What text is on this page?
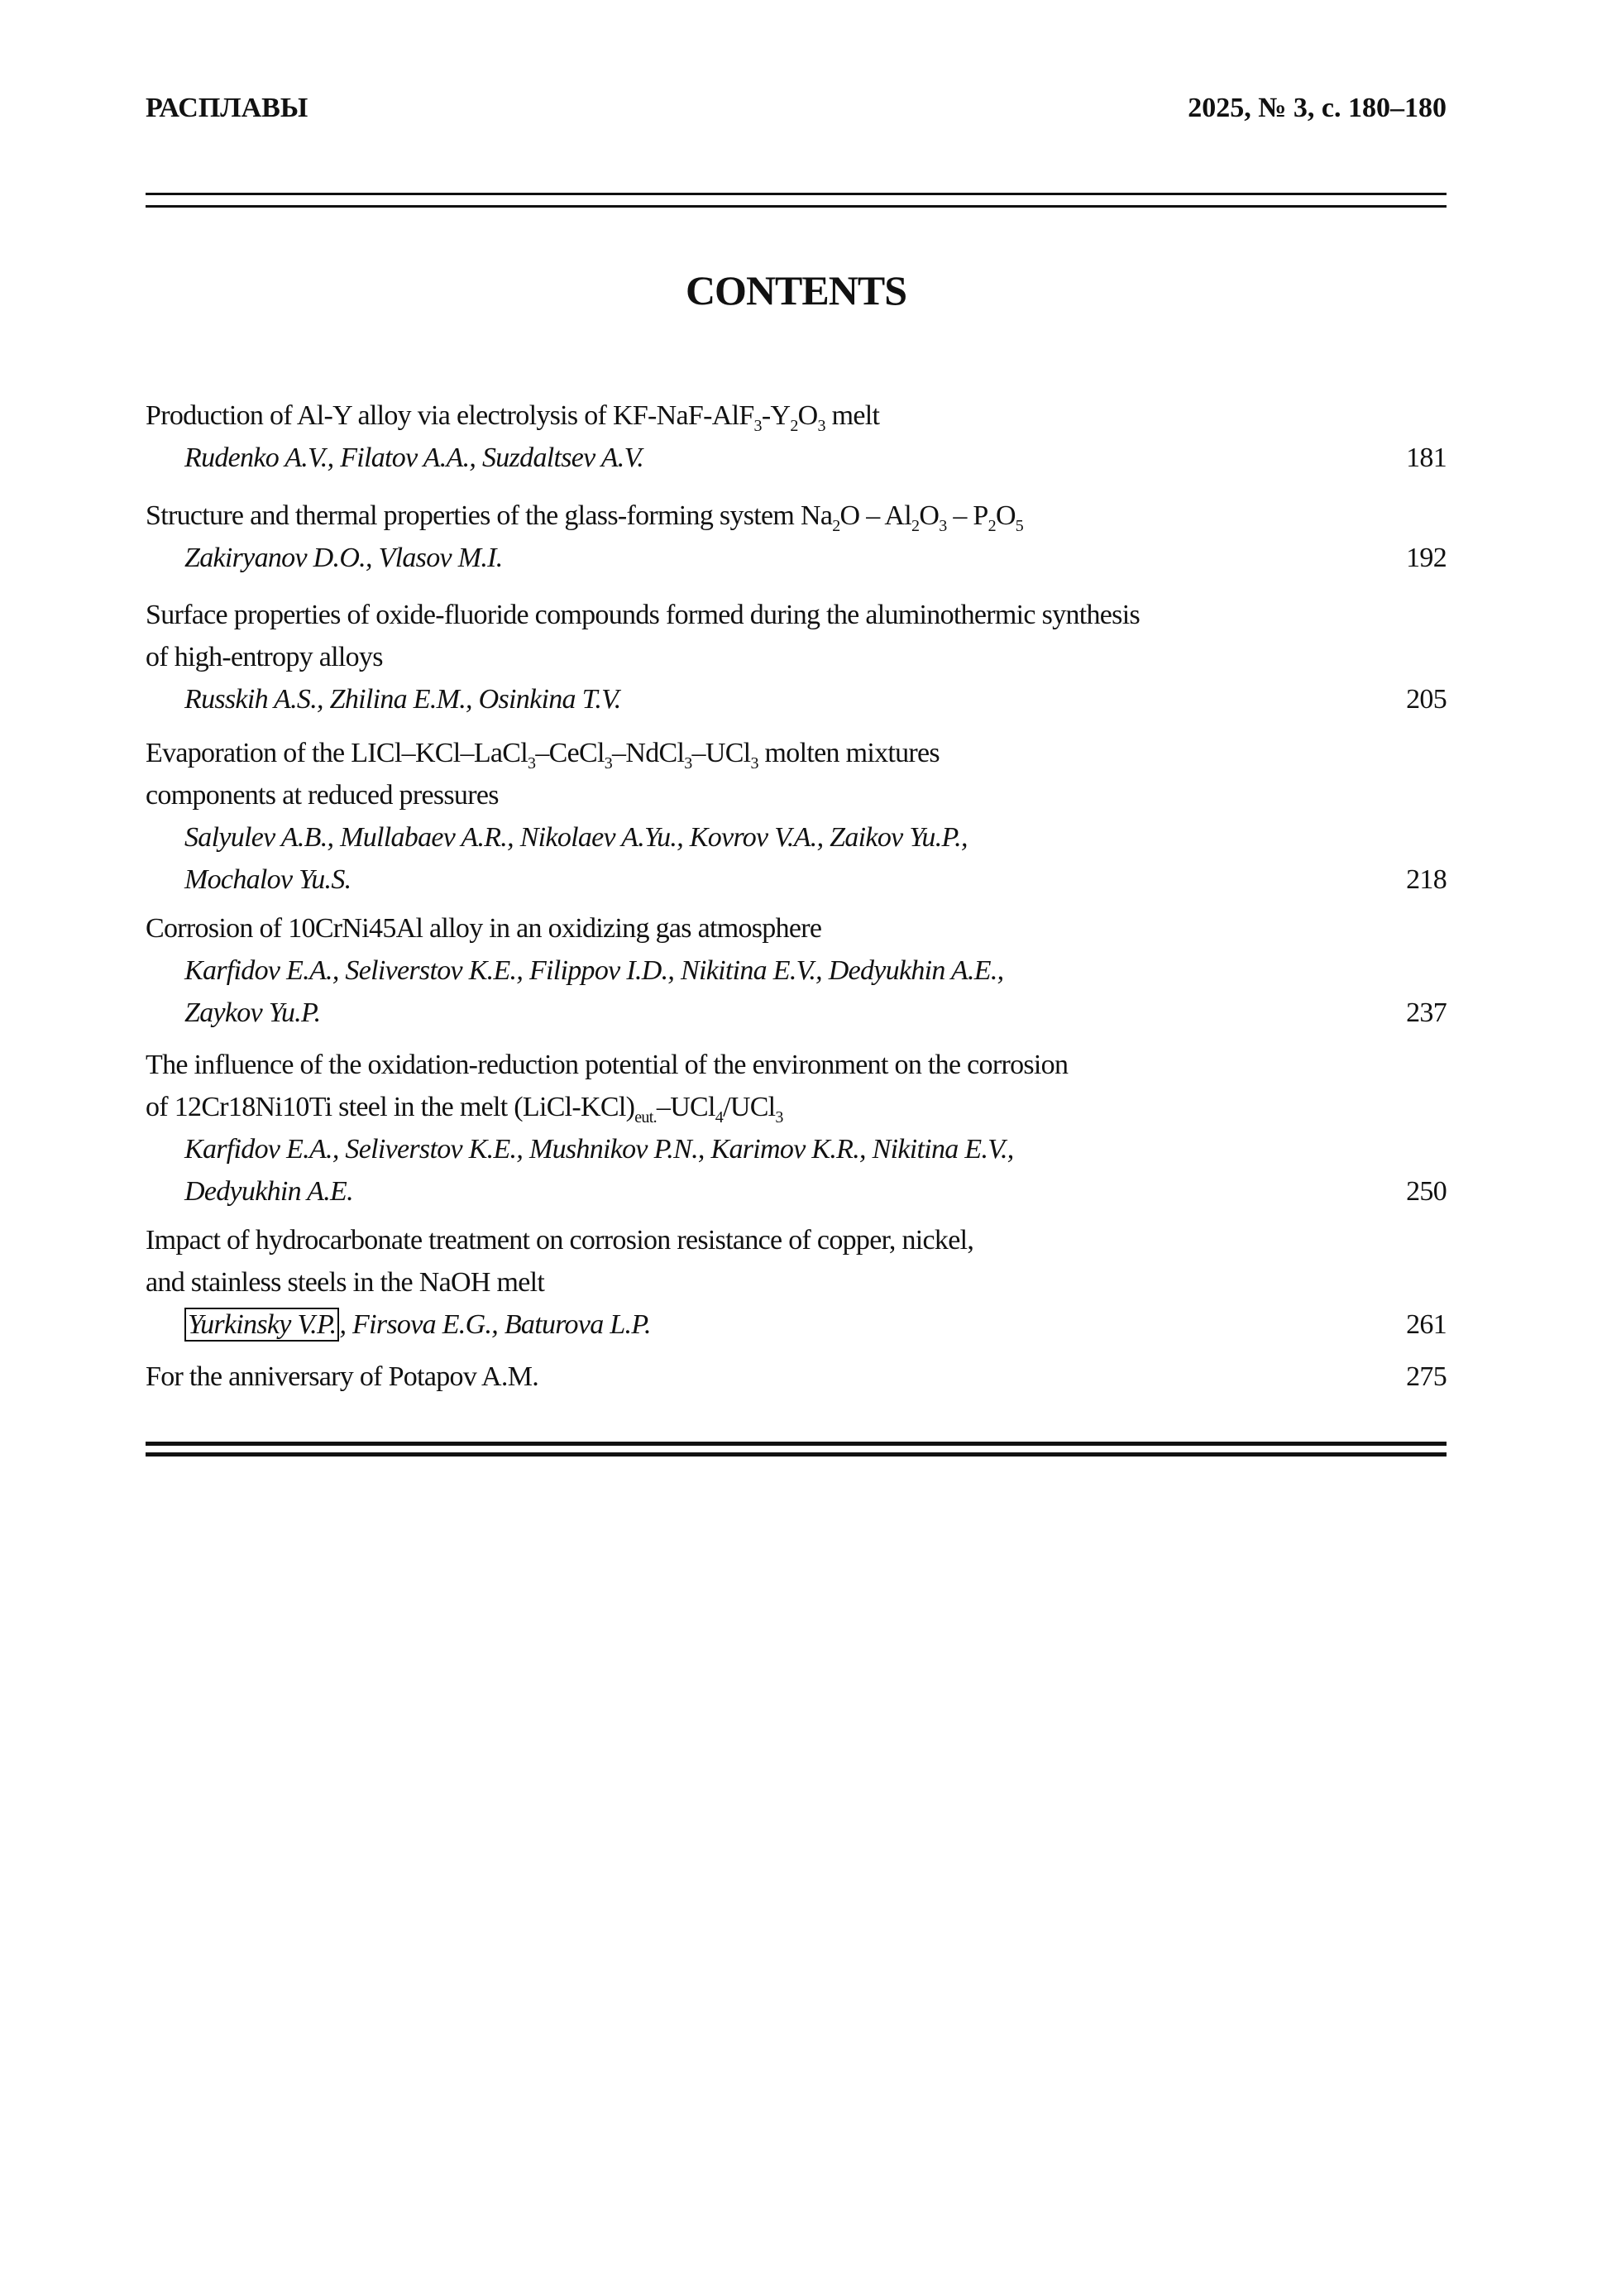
РАСПЛАВЫ	2025, № 3, с. 180–180
CONTENTS
Production of Al-Y alloy via electrolysis of $KF-NaF-AlF_3-Y_2O_3$ melt
Rudenko A.V., Filatov A.A., Suzdaltsev A.V.	181
Structure and thermal properties of the glass-forming system $Na_2O - Al_2O_3 - P_2O_5$
Zakiryanov D.O., Vlasov M.I.	192
Surface properties of oxide-fluoride compounds formed during the aluminothermic synthesis
of high-entropy alloys
Russkih A.S., Zhilina E.M., Osinkina T.V.	205
Evaporation of the LICl–KCl–LaCl$_3$–CeCl$_3$–NdCl$_3$–UCl$_3$ molten mixtures
components at reduced pressures
Salyulev A.B., Mullabaev A.R., Nikolaev A.Yu., Kovrov V.A., Zaikov Yu.P.,
Mochalov Yu.S.	218
Corrosion of 10CrNi45Al alloy in an oxidizing gas atmosphere
Karfidov E.A., Seliverstov K.E., Filippov I.D., Nikitina E.V., Dedyukhin A.E.,
Zaykov Yu.P.	237
The influence of the oxidation-reduction potential of the environment on the corrosion
of 12Cr18Ni10Ti steel in the melt $(LiCl-KCl)_{eut.}-UCl_4/UCl_3$
Karfidov E.A., Seliverstov K.E., Mushnikov P.N., Karimov K.R., Nikitina E.V.,
Dedyukhin A.E.	250
Impact of hydrocarbonate treatment on corrosion resistance of copper, nickel,
and stainless steels in the NaOH melt
Yurkinsky V.P. , Firsova E.G., Baturova L.P.	261
For the anniversary of Potapov A.M.	275
